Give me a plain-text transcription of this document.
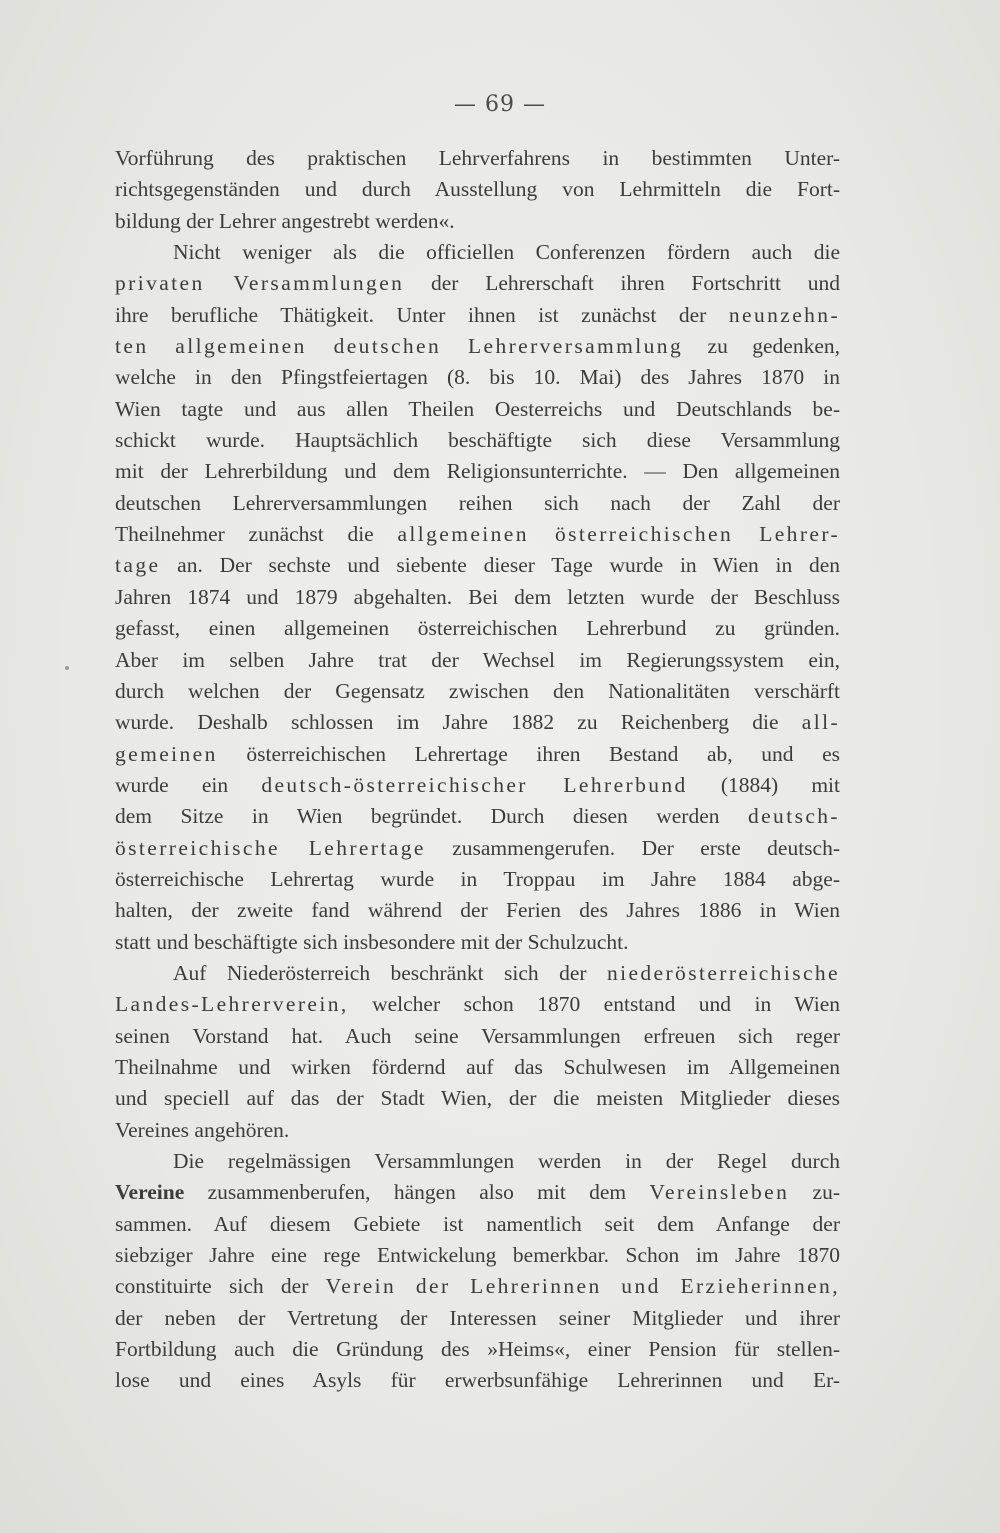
— 69 —
Vorführung des praktischen Lehrverfahrens in bestimmten Unter-
richtsgegenständen und durch Ausstellung von Lehrmitteln die Fort-
bildung der Lehrer angestrebt werden«.
Nicht weniger als die officiellen Conferenzen fördern auch die
privaten Versammlungen der Lehrerschaft ihren Fortschritt und
ihre berufliche Thätigkeit. Unter ihnen ist zunächst der neunzehn-
ten allgemeinen deutschen Lehrerversammlung zu gedenken,
welche in den Pfingstfeiertagen (8. bis 10. Mai) des Jahres 1870 in
Wien tagte und aus allen Theilen Oesterreichs und Deutschlands be-
schickt wurde. Hauptsächlich beschäftigte sich diese Versammlung
mit der Lehrerbildung und dem Religionsunterrichte. — Den allgemeinen
deutschen Lehrerversammlungen reihen sich nach der Zahl der
Theilnehmer zunächst die allgemeinen österreichischen Lehrer-
tage an. Der sechste und siebente dieser Tage wurde in Wien in den
Jahren 1874 und 1879 abgehalten. Bei dem letzten wurde der Beschluss
gefasst, einen allgemeinen österreichischen Lehrerbund zu gründen.
Aber im selben Jahre trat der Wechsel im Regierungssystem ein,
durch welchen der Gegensatz zwischen den Nationalitäten verschärft
wurde. Deshalb schlossen im Jahre 1882 zu Reichenberg die all-
gemeinen österreichischen Lehrertage ihren Bestand ab, und es
wurde ein deutsch-österreichischer Lehrerbund (1884) mit
dem Sitze in Wien begründet. Durch diesen werden deutsch-
österreichische Lehrertage zusammengerufen. Der erste deutsch-
österreichische Lehrertag wurde in Troppau im Jahre 1884 abge-
halten, der zweite fand während der Ferien des Jahres 1886 in Wien
statt und beschäftigte sich insbesondere mit der Schulzucht.
Auf Niederösterreich beschränkt sich der niederösterreichische
Landes-Lehrerverein, welcher schon 1870 entstand und in Wien
seinen Vorstand hat. Auch seine Versammlungen erfreuen sich reger
Theilnahme und wirken fördernd auf das Schulwesen im Allgemeinen
und speciell auf das der Stadt Wien, der die meisten Mitglieder dieses
Vereines angehören.
Die regelmässigen Versammlungen werden in der Regel durch
Vereine zusammenberufen, hängen also mit dem Vereinsleben zu-
sammen. Auf diesem Gebiete ist namentlich seit dem Anfange der
siebziger Jahre eine rege Entwickelung bemerkbar. Schon im Jahre 1870
constituirte sich der Verein der Lehrerinnen und Erzieherinnen,
der neben der Vertretung der Interessen seiner Mitglieder und ihrer
Fortbildung auch die Gründung des »Heims«, einer Pension für stellen-
lose und eines Asyls für erwerbsunfähige Lehrerinnen und Er-
